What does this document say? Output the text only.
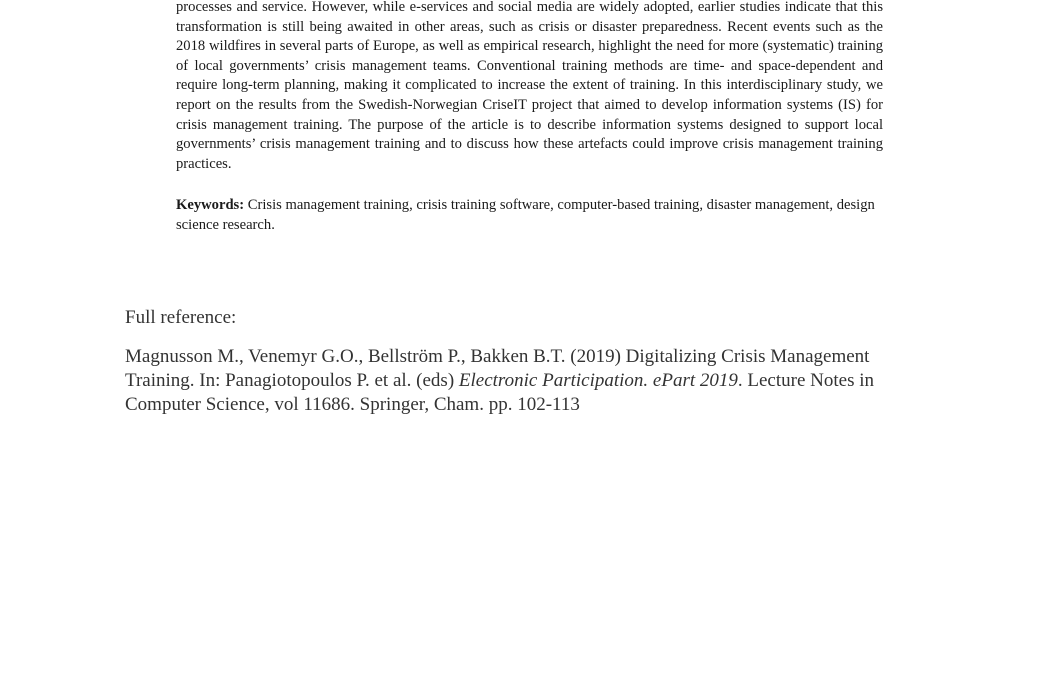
processes and service. However, while e-services and social media are widely adopted, earlier studies indicate that this transformation is still being awaited in other areas, such as crisis or disaster preparedness. Recent events such as the 2018 wildfires in several parts of Europe, as well as empirical research, highlight the need for more (systematic) training of local governments’ crisis management teams. Conventional training methods are time- and space-dependent and require long-term planning, making it complicated to increase the extent of training. In this interdisciplinary study, we report on the results from the Swedish-Norwegian CriseIT project that aimed to develop information systems (IS) for crisis management training. The purpose of the article is to describe information systems designed to support local governments’ crisis management training and to discuss how these artefacts could improve crisis management training practices.

Keywords: Crisis management training, crisis training software, computer-based training, disaster management, design science research.

Full reference:

Magnusson M., Venemyr G.O., Bellström P., Bakken B.T. (2019) Digitalizing Crisis Management Training. In: Panagiotopoulos P. et al. (eds) Electronic Participation. ePart 2019. Lecture Notes in Computer Science, vol 11686. Springer, Cham. pp. 102-113
